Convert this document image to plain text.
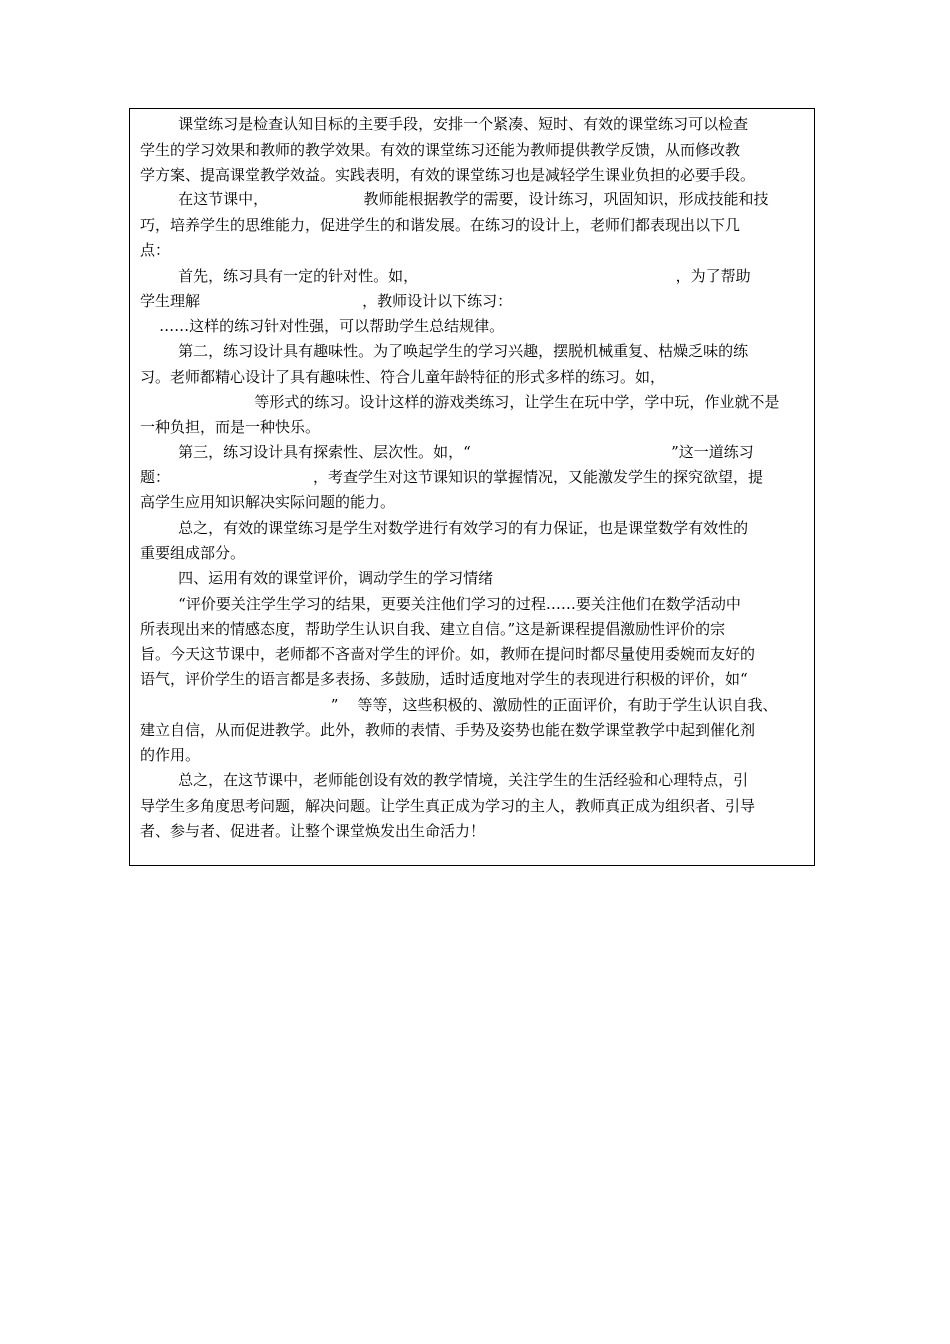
课堂练习是检查认知目标的主要手段，安排一个紧凑、短时、有效的课堂练习可以检查
学生的学习效果和教师的教学效果。有效的课堂练习还能为教师提供教学反馈，从而修改教
学方案、提高课堂教学效益。实践表明，有效的课堂练习也是减轻学生课业负担的必要手段。
在这节课中，                    教师能根据教学的需要，设计练习，巩固知识，形成技能和技
巧，培养学生的思维能力，促进学生的和谐发展。在练习的设计上，老师们都表现出以下几
点：
首先，练习具有一定的针对性。如，                                                      ，为了帮助
学生理解                                  ，教师设计以下练习：
……这样的练习针对性强，可以帮助学生总结规律。
第二，练习设计具有趣味性。为了唤起学生的学习兴趣，摆脱机械重复、枯燥乏味的练
习。老师都精心设计了具有趣味性、符合儿童年龄特征的形式多样的练习。如，
等形式的练习。设计这样的游戏类练习，让学生在玩中学，学中玩，作业就不是
一种负担，而是一种快乐。
第三，练习设计具有探索性、层次性。如，“                                          ”这一道练习
题：                              ，考查学生对这节课知识的掌握情况，又能激发学生的探究欲望，提
高学生应用知识解决实际问题的能力。
总之，有效的课堂练习是学生对数学进行有效学习的有力保证，也是课堂数学有效性的
重要组成部分。
四、运用有效的课堂评价，调动学生的学习情绪
“评价要关注学生学习的结果，更要关注他们学习的过程……要关注他们在数学活动中
所表现出来的情感态度，帮助学生认识自我、建立自信。”这是新课程提倡激励性评价的宗
旨。今天这节课中，老师都不吝啬对学生的评价。如，教师在提问时都尽量使用委婉而友好的
语气，评价学生的语言都是多表扬、多鼓励，适时适度地对学生的表现进行积极的评价，如“
”    等等，这些积极的、激励性的正面评价，有助于学生认识自我、
建立自信，从而促进教学。此外，教师的表情、手势及姿势也能在数学课堂教学中起到催化剂
的作用。
总之，在这节课中，老师能创设有效的教学情境，关注学生的生活经验和心理特点，引
导学生多角度思考问题，解决问题。让学生真正成为学习的主人，教师真正成为组织者、引导
者、参与者、促进者。让整个课堂焕发出生命活力！
